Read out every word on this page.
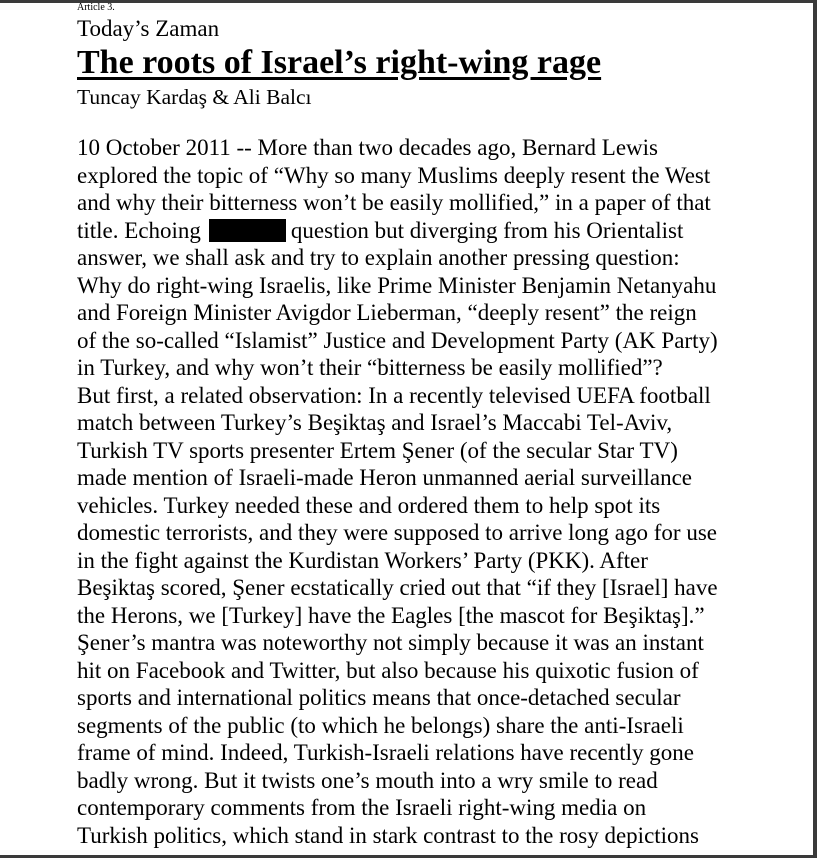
Article 3.

Today’s Zaman

The roots of Israel’s right-wing rage

Tuncay Kardaş & Ali Balcı

10 October 2011 -- More than two decades ago, Bernard Lewis
explored the topic of “Why so many Muslims deeply resent the West
and why their bitterness won’t be easily mollified,” in a paper of that
title. Echoing	question but diverging from his Orientalist
answer, we shall ask and try to explain another pressing question:
Why do right-wing Israelis, like Prime Minister Benjamin Netanyahu
and Foreign Minister Avigdor Lieberman, “deeply resent” the reign
of the so-called “Islamist” Justice and Development Party (AK Party)
in Turkey, and why won’t their “bitterness be easily mollified”?
But first, a related observation: In a recently televised UEFA football
match between Turkey’s Beşiktaş and Israel’s Maccabi Tel-Aviv,
Turkish TV sports presenter Ertem Şener (of the secular Star TV)
made mention of Israeli-made Heron unmanned aerial surveillance
vehicles. Turkey needed these and ordered them to help spot its
domestic terrorists, and they were supposed to arrive long ago for use
in the fight against the Kurdistan Workers’ Party (PKK). After
Beşiktaş scored, Şener ecstatically cried out that “if they [Israel] have
the Herons, we [Turkey] have the Eagles [the mascot for Beşiktaş].”
Şener’s mantra was noteworthy not simply because it was an instant
hit on Facebook and Twitter, but also because his quixotic fusion of
sports and international politics means that once-detached secular
segments of the public (to which he belongs) share the anti-Israeli
frame of mind. Indeed, Turkish-Israeli relations have recently gone
badly wrong. But it twists one’s mouth into a wry smile to read
contemporary comments from the Israeli right-wing media on
Turkish politics, which stand in stark contrast to the rosy depictions
